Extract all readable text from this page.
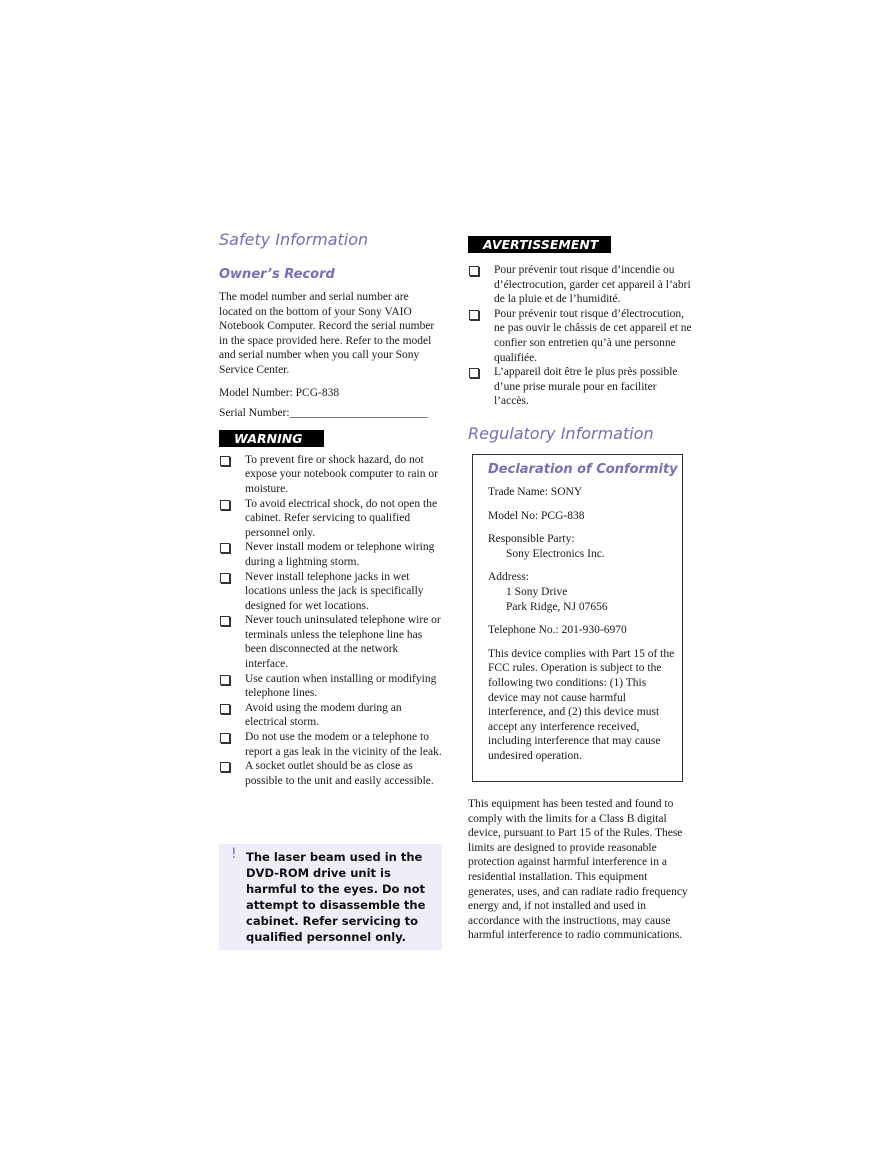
Safety Information
Owner’s Record

The model number and serial number are located on the bottom of your Sony VAIO Notebook Computer. Record the serial number in the space provided here. Refer to the model and serial number when you call your Sony Service Center.

Model Number: PCG-838

Serial Number:________________________

WARNING
To prevent fire or shock hazard, do not expose your notebook computer to rain or moisture.
To avoid electrical shock, do not open the cabinet. Refer servicing to qualified personnel only.
Never install modem or telephone wiring during a lightning storm.
Never install telephone jacks in wet locations unless the jack is specifically designed for wet locations.
Never touch uninsulated telephone wire or terminals unless the telephone line has been disconnected at the network interface.
Use caution when installing or modifying telephone lines.
Avoid using the modem during an electrical storm.
Do not use the modem or a telephone to report a gas leak in the vicinity of the leak.
A socket outlet should be as close as possible to the unit and easily accessible.
! The laser beam used in the DVD-ROM drive unit is harmful to the eyes. Do not attempt to disassemble the cabinet. Refer servicing to qualified personnel only.
AVERTISSEMENT
Pour prévenir tout risque d’incendie ou d’électrocution, garder cet appareil à l’abri de la pluie et de l’humidité.
Pour prévenir tout risque d’électrocution, ne pas ouvir le châssis de cet appareil et ne confier son entretien qu’à une personne qualifiée.
L’appareil doit être le plus près possible d’une prise murale pour en faciliter l’accès.
Regulatory Information
Declaration of Conformity

Trade Name: SONY

Model No: PCG-838

Responsible Party:

Sony Electronics Inc.

Address:

1 Sony Drive

Park Ridge, NJ 07656

Telephone No.: 201-930-6970

This device complies with Part 15 of the FCC rules. Operation is subject to the following two conditions: (1) This device may not cause harmful interference, and (2) this device must accept any interference received, including interference that may cause undesired operation.

This equipment has been tested and found to comply with the limits for a Class B digital device, pursuant to Part 15 of the Rules. These limits are designed to provide reasonable protection against harmful interference in a residential installation. This equipment generates, uses, and can radiate radio frequency energy and, if not installed and used in accordance with the instructions, may cause harmful interference to radio communications.
